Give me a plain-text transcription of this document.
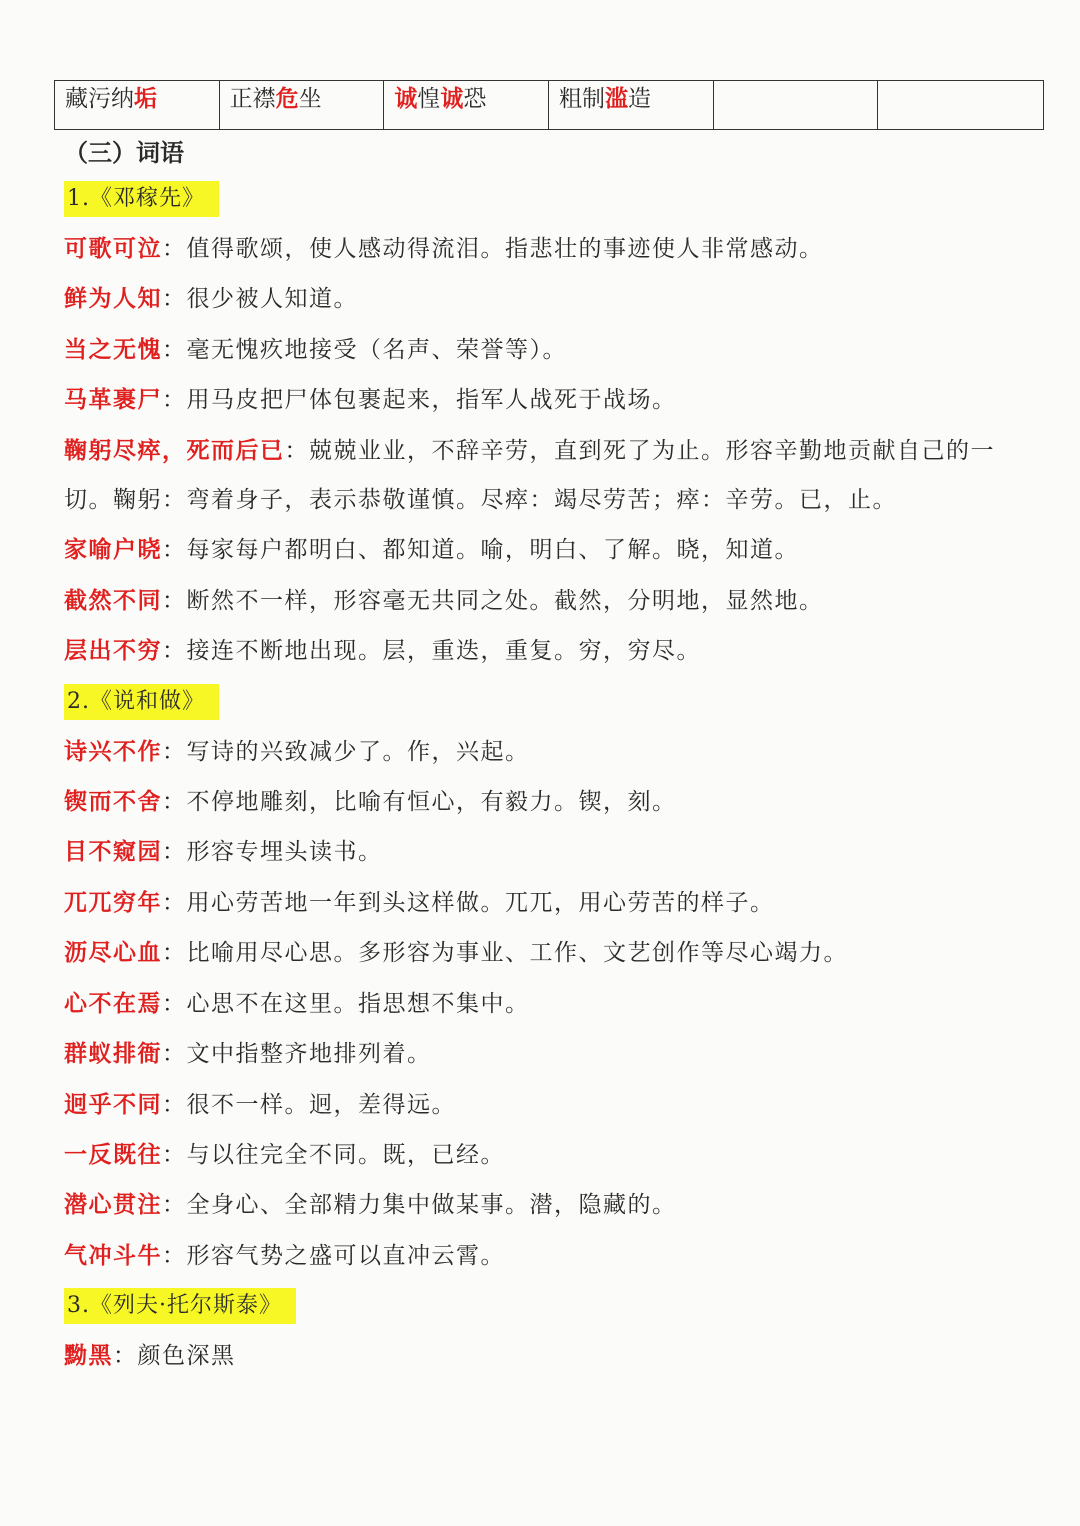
藏污纳垢	正襟危坐	诚惶诚恐	粗制滥造
（三）词语
1.《邓稼先》
可歌可泣：值得歌颂，使人感动得流泪。指悲壮的事迹使人非常感动。
鲜为人知：很少被人知道。
当之无愧：毫无愧疚地接受（名声、荣誉等）。
马革裹尸：用马皮把尸体包裹起来，指军人战死于战场。
鞠躬尽瘁，死而后已：兢兢业业，不辞辛劳，直到死了为止。形容辛勤地贡献自己的一切。鞠躬：弯着身子，表示恭敬谨慎。尽瘁：竭尽劳苦；瘁：辛劳。已，止。
家喻户晓：每家每户都明白、都知道。喻，明白、了解。晓，知道。
截然不同：断然不一样，形容毫无共同之处。截然，分明地，显然地。
层出不穷：接连不断地出现。层，重迭，重复。穷，穷尽。
2.《说和做》
诗兴不作：写诗的兴致减少了。作，兴起。
锲而不舍：不停地雕刻，比喻有恒心，有毅力。锲，刻。
目不窥园：形容专埋头读书。
兀兀穷年：用心劳苦地一年到头这样做。兀兀，用心劳苦的样子。
沥尽心血：比喻用尽心思。多形容为事业、工作、文艺创作等尽心竭力。
心不在焉：心思不在这里。指思想不集中。
群蚁排衙：文中指整齐地排列着。
迥乎不同：很不一样。迥，差得远。
一反既往：与以往完全不同。既，已经。
潜心贯注：全身心、全部精力集中做某事。潜，隐藏的。
气冲斗牛：形容气势之盛可以直冲云霄。
3.《列夫·托尔斯泰》
黝黑：颜色深黑
